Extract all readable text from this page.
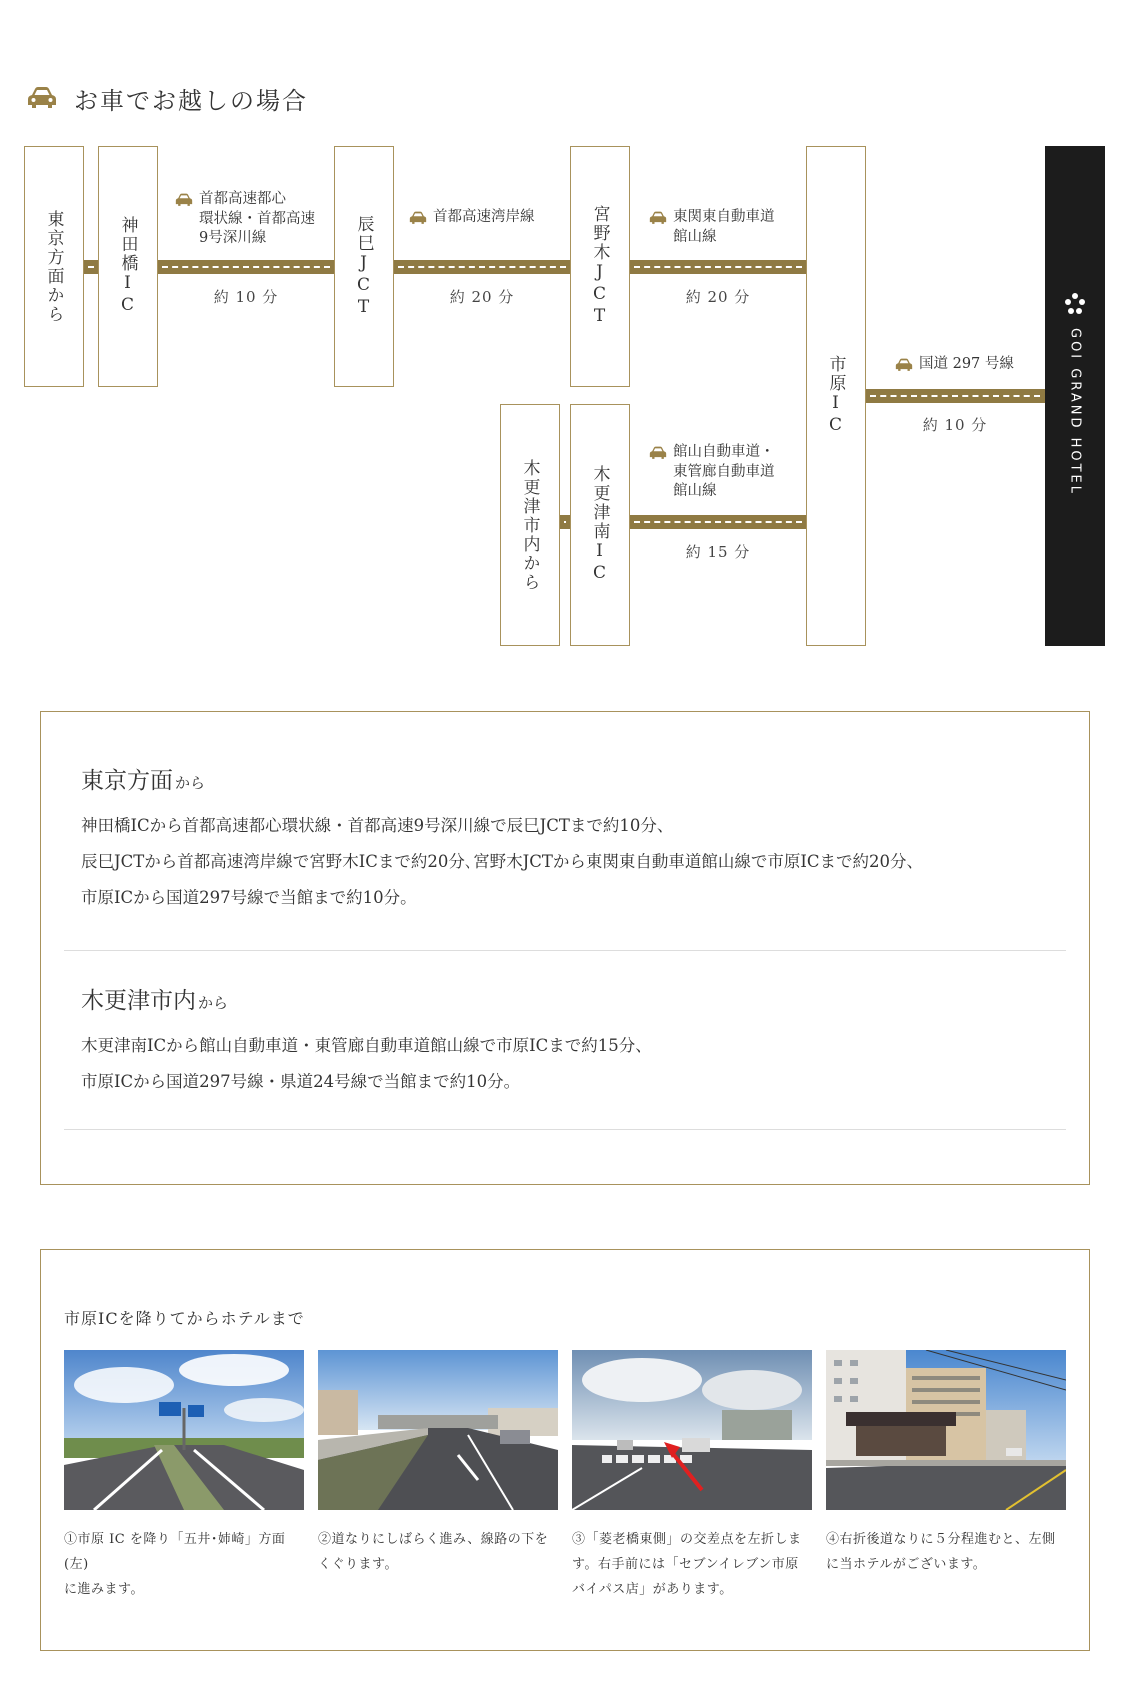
お車でお越しの場合
東京方面から	神田橋IC	辰巳JCT	宮野木JCT
市原IC
木更津市内から	木更津南IC
GOI GRAND HOTEL
首都高速都心
環状線・首都高速
9号深川線
約 10 分
首都高速湾岸線
約 20 分
東関東自動車道
館山線
約 20 分
国道 297 号線
約 10 分
館山自動車道・
東管廊自動車道
館山線
約 15 分
東京方面 から

神田橋ICから首都高速都心環状線・首都高速9号深川線で辰巳JCTまで約10分、
辰巳JCTから首都高速湾岸線で宮野木ICまで約20分､宮野木JCTから東関東自動車道館山線で市原ICまで約20分、
市原ICから国道297号線で当館まで約10分。

木更津市内 から

木更津南ICから館山自動車道・東管廊自動車道館山線で市原ICまで約15分、
市原ICから国道297号線・県道24号線で当館まで約10分。

市原ICを降りてからホテルまで
①市原 IC を降り「五井･姉崎」方面(左)
に進みます。
②道なりにしばらく進み、線路の下を
くぐります。
③「菱老橋東側」の交差点を左折しま
す。右手前には「セブンイレブン市原
バイパス店」があります。
④右折後道なりに５分程進むと、左側
に当ホテルがございます。
